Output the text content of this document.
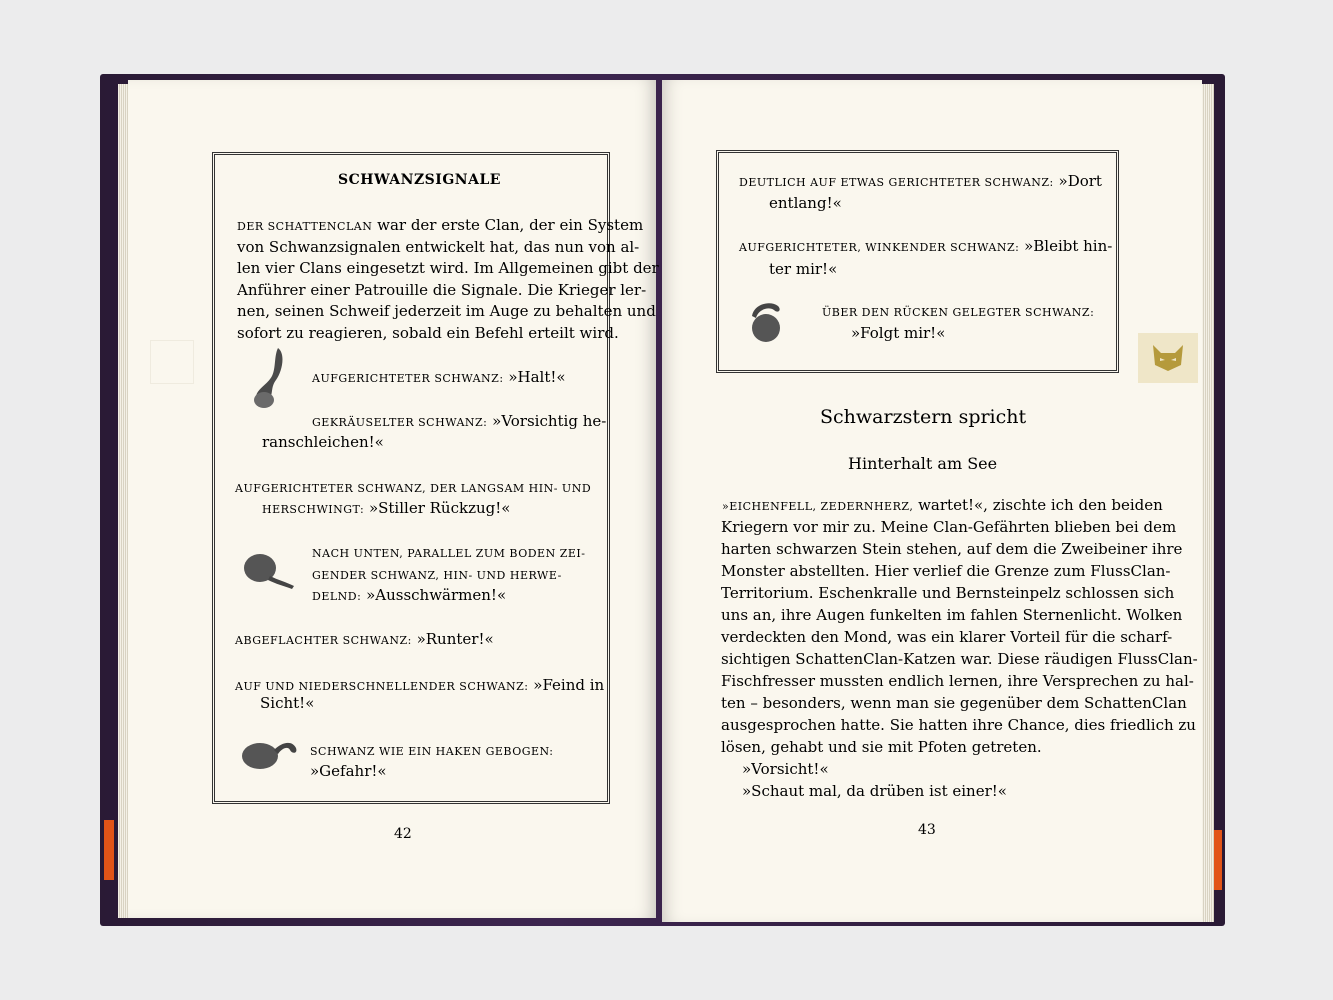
SCHWANZSIGNALE
DER SCHATTENCLAN war der erste Clan, der ein System
von Schwanzsignalen entwickelt hat, das nun von al-
len vier Clans eingesetzt wird. Im Allgemeinen gibt der
Anführer einer Patrouille die Signale. Die Krieger ler-
nen, seinen Schweif jederzeit im Auge zu behalten und
sofort zu reagieren, sobald ein Befehl erteilt wird.
AUFGERICHTETER SCHWANZ: »Halt!«
GEKRÄUSELTER SCHWANZ: »Vorsichtig he-
ranschleichen!«
AUFGERICHTETER SCHWANZ, DER LANGSAM HIN- UND
HERSCHWINGT: »Stiller Rückzug!«
NACH UNTEN, PARALLEL ZUM BODEN ZEI-
GENDER SCHWANZ, HIN- UND HERWE-
DELND: »Ausschwärmen!«
ABGEFLACHTER SCHWANZ: »Runter!«
AUF UND NIEDERSCHNELLENDER SCHWANZ: »Feind in
Sicht!«
SCHWANZ WIE EIN HAKEN GEBOGEN:
»Gefahr!«
42
DEUTLICH AUF ETWAS GERICHTETER SCHWANZ: »Dort
entlang!«
AUFGERICHTETER, WINKENDER SCHWANZ: »Bleibt hin-
ter mir!«
ÜBER DEN RÜCKEN GELEGTER SCHWANZ:
»Folgt mir!«
Schwarzstern spricht
Hinterhalt am See
»EICHENFELL, ZEDERNHERZ, wartet!«, zischte ich den beiden
Kriegern vor mir zu. Meine Clan-Gefährten blieben bei dem
harten schwarzen Stein stehen, auf dem die Zweibeiner ihre
Monster abstellten. Hier verlief die Grenze zum FlussClan-
Territorium. Eschenkralle und Bernsteinpelz schlossen sich
uns an, ihre Augen funkelten im fahlen Sternenlicht. Wolken
verdeckten den Mond, was ein klarer Vorteil für die scharf-
sichtigen SchattenClan-Katzen war. Diese räudigen FlussClan-
Fischfresser mussten endlich lernen, ihre Versprechen zu hal-
ten – besonders, wenn man sie gegenüber dem SchattenClan
ausgesprochen hatte. Sie hatten ihre Chance, dies friedlich zu
lösen, gehabt und sie mit Pfoten getreten.
»Vorsicht!«
»Schaut mal, da drüben ist einer!«
43
